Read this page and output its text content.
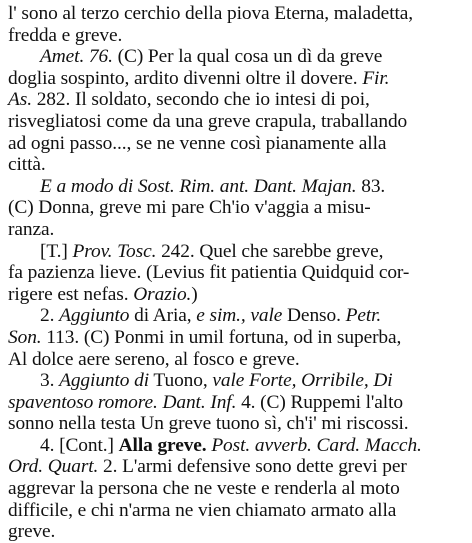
l' sono al terzo cerchio della piova Eterna, maladetta,
fredda e greve.
Amet. 76. (C) Per la qual cosa un dì da greve
doglia sospinto, ardito divenni oltre il dovere. Fir.
As. 282. Il soldato, secondo che io intesi di poi,
risvegliatosi come da una greve crapula, traballando
ad ogni passo..., se ne venne così pianamente alla
città.
E a modo di Sost. Rim. ant. Dant. Majan. 83.
(C) Donna, greve mi pare Ch'io v'aggia a misu-
ranza.
[T.] Prov. Tosc. 242. Quel che sarebbe greve,
fa pazienza lieve. (Levius fit patientia Quidquid cor-
rigere est nefas. Orazio.)
2. Aggiunto di Aria, e sim., vale Denso. Petr.
Son. 113. (C) Ponmi in umil fortuna, od in superba,
Al dolce aere sereno, al fosco e greve.
3. Aggiunto di Tuono, vale Forte, Orribile, Di
spaventoso romore. Dant. Inf. 4. (C) Ruppemi l'alto
sonno nella testa Un greve tuono sì, ch'i' mi riscossi.
4. [Cont.] Alla greve. Post. avverb. Card. Macch.
Ord. Quart. 2. L'armi defensive sono dette grevi per
aggrevar la persona che ne veste e renderla al moto
difficile, e chi n'arma ne vien chiamato armato alla
greve.
